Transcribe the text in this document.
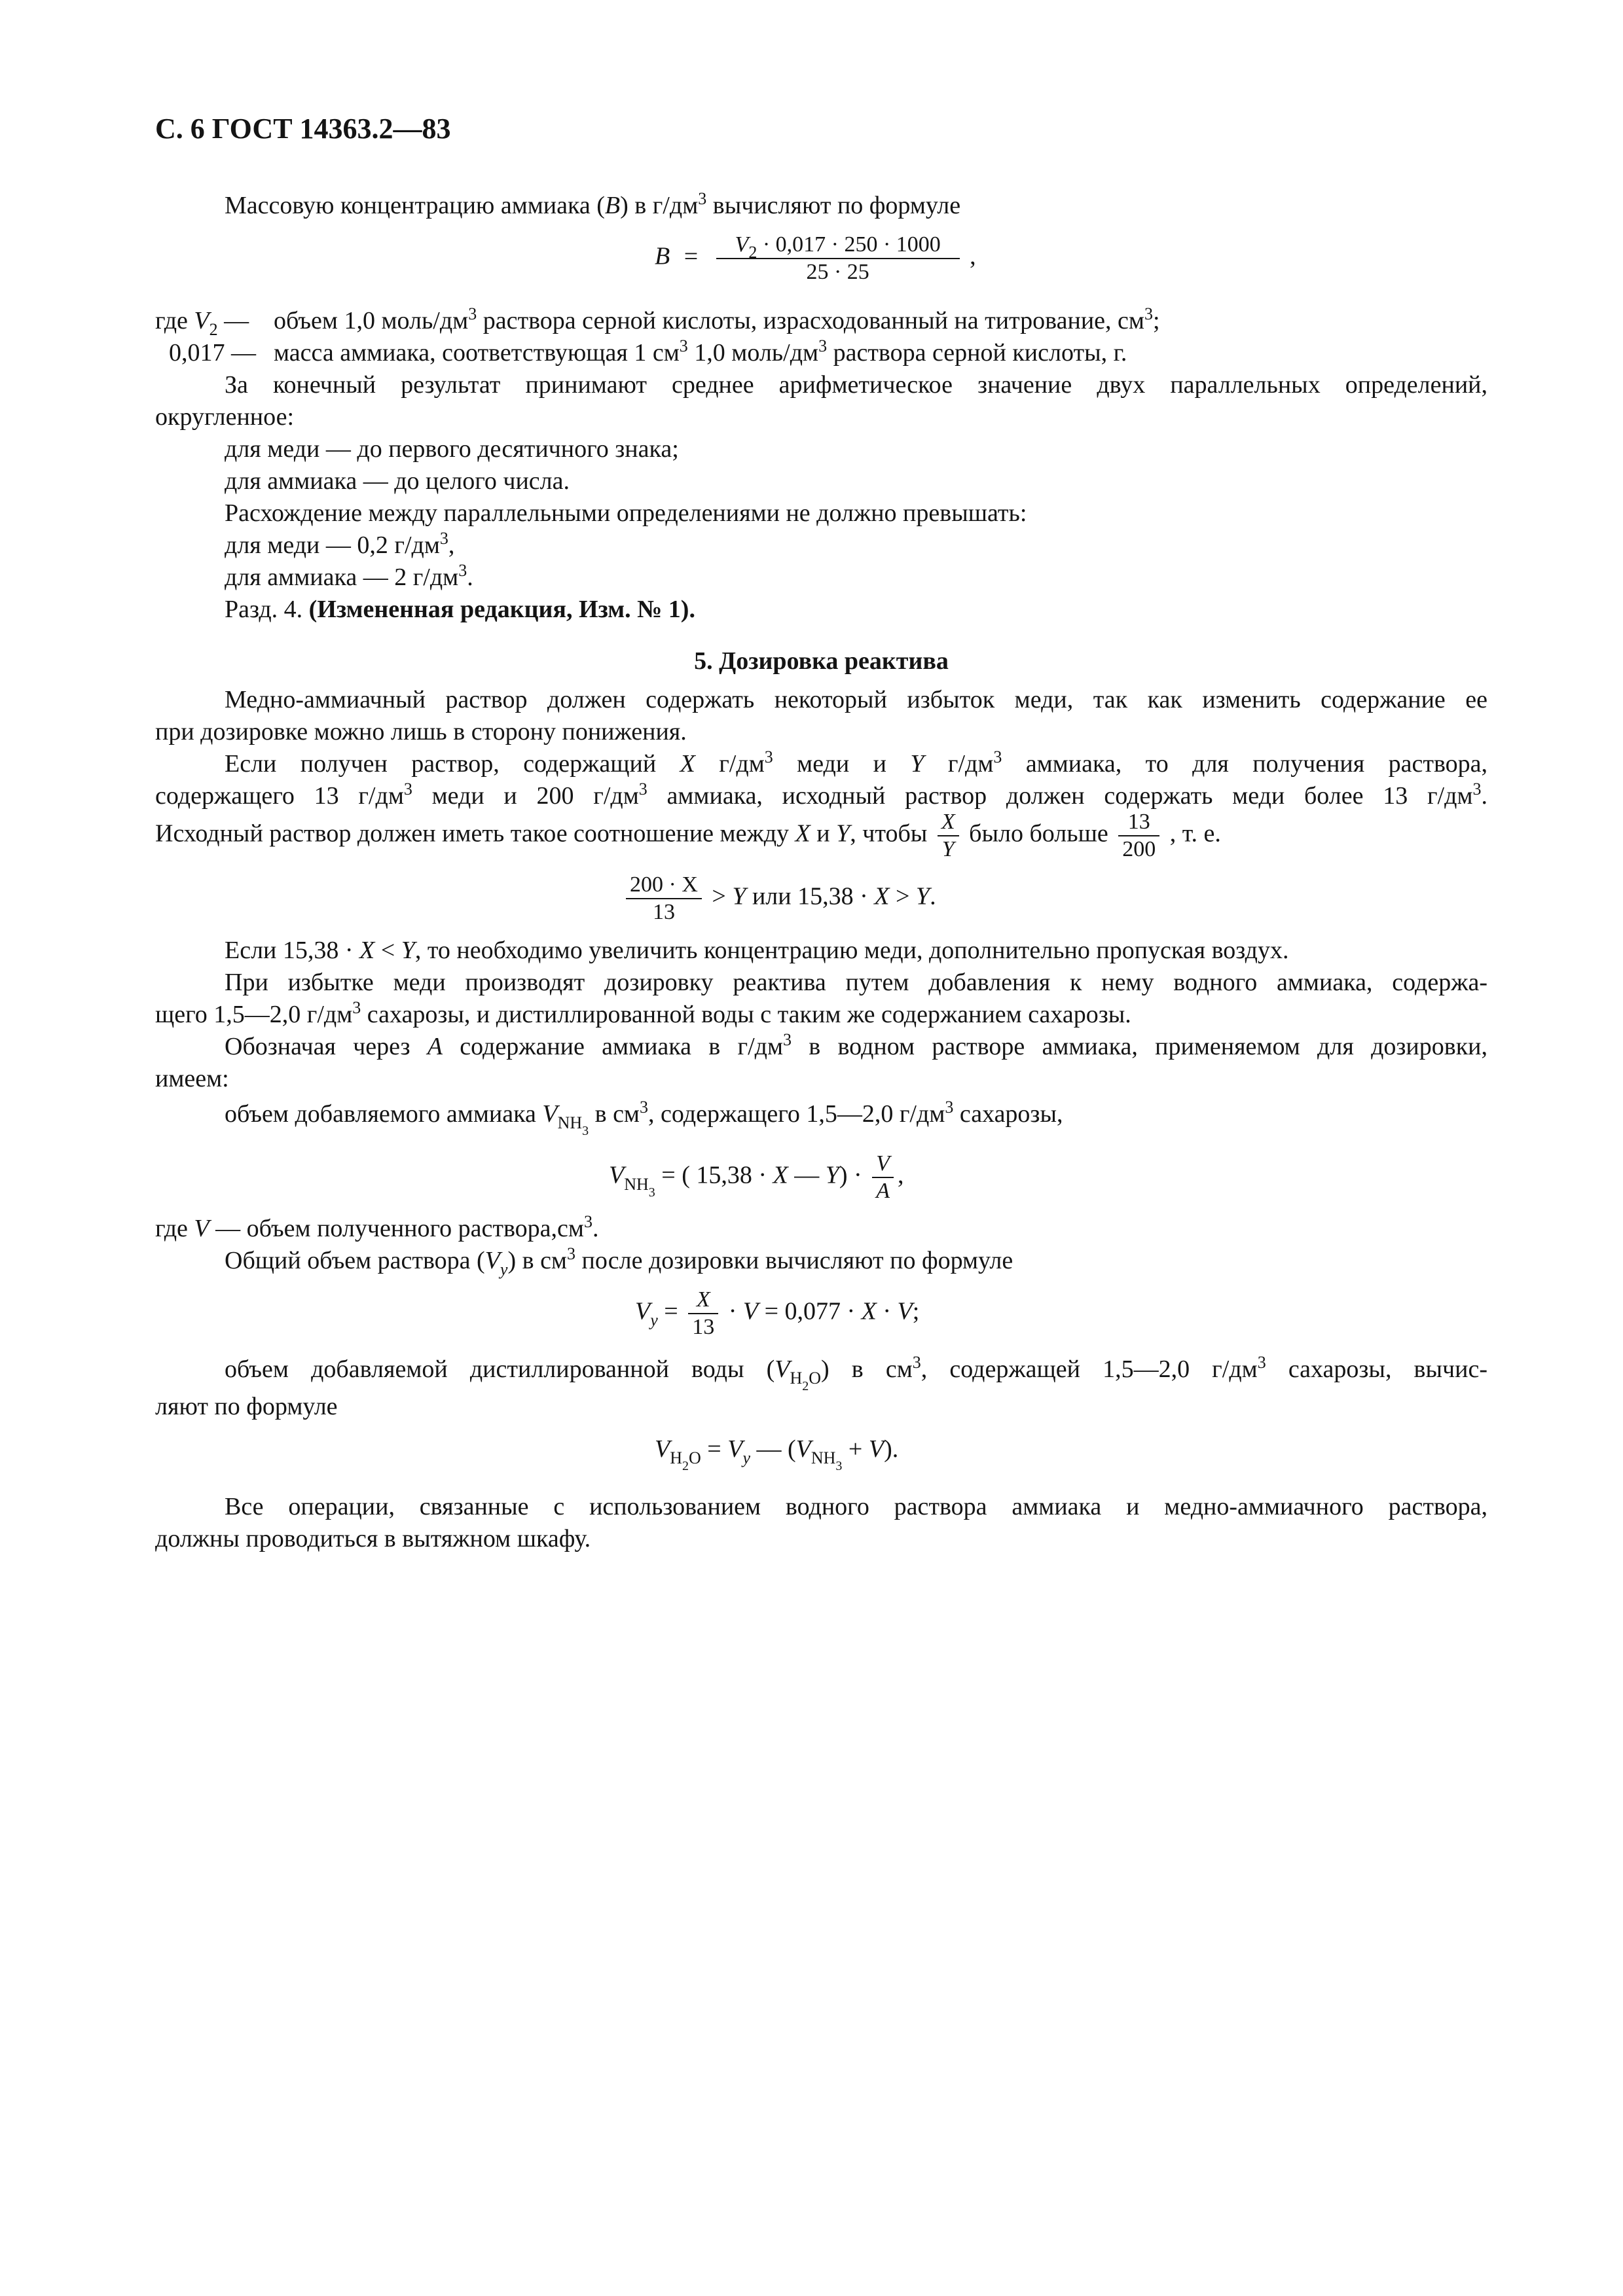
С. 6 ГОСТ 14363.2—83
Массовую концентрацию аммиака (B) в $г/дм^3$ вычисляют по формуле
$B = \frac{V_2 \cdot 0,017 \cdot 250 \cdot 1000}{25 \cdot 25}$ ,
где $V_2$ — объем 1,0 моль/$дм^3$ раствора серной кислоты, израсходованный на титрование, $см^3$;
0,017 — масса аммиака, соответствующая 1 $см^3$ 1,0 моль/$дм^3$ раствора серной кислоты, г.
За конечный результат принимают среднее арифметическое значение двух параллельных определений,
округленное:
для меди — до первого десятичного знака;
для аммиака — до целого числа.
Расхождение между параллельными определениями не должно превышать:
для меди — 0,2 $г/дм^3$,
для аммиака — 2 $г/дм^3$.
Разд. 4. (Измененная редакция, Изм. № 1).
5. Дозировка реактива
Медно-аммиачный раствор должен содержать некоторый избыток меди, так как изменить содержание ее
при дозировке можно лишь в сторону понижения.
Если получен раствор, содержащий X $г/дм^3$ меди и Y $г/дм^3$ аммиака, то для получения раствора,
содержащего 13 $г/дм^3$ меди и 200 $г/дм^3$ аммиака, исходный раствор должен содержать меди более 13 $г/дм^3$.
Исходный раствор должен иметь такое соотношение между X и Y, чтобы $\frac{X}{Y}$ было больше $\frac{13}{200}$ , т. е.
$\frac{200 \cdot X}{13} > Y$ или 15,38 · X > Y.
Если 15,38 · X < Y, то необходимо увеличить концентрацию меди, дополнительно пропуская воздух.
При избытке меди производят дозировку реактива путем добавления к нему водного аммиака, содержа-
щего 1,5—2,0 $г/дм^3$ сахарозы, и дистиллированной воды с таким же содержанием сахарозы.
Обозначая через A содержание аммиака в $г/дм^3$ в водном растворе аммиака, применяемом для дозировки,
имеем:
объем добавляемого аммиака $V_{NH_3}$ в $см^3$, содержащего 1,5—2,0 $г/дм^3$ сахарозы,
$V_{NH_3}$ = ( 15,38 · X — $Y) \cdot \frac{V}{A}$ ,
где V — объем полученного $раствора,см^3$.
Общий объем раствора $(V_y)$ в $см^3$ после дозировки вычисляют по формуле
$V_y = \frac{X}{13} \cdot V = 0,077 \cdot X \cdot V$;
объем добавляемой дистиллированной воды $(V_{H_2O})$ в $см^3$, содержащей 1,5—2,0 $г/дм^3$ сахарозы, вычис-
ляют по формуле
$V_{H_2O} = V_y$ — $(V_{NH_3} + V)$.
Все операции, связанные с использованием водного раствора аммиака и медно-аммиачного раствора,
должны проводиться в вытяжном шкафу.
